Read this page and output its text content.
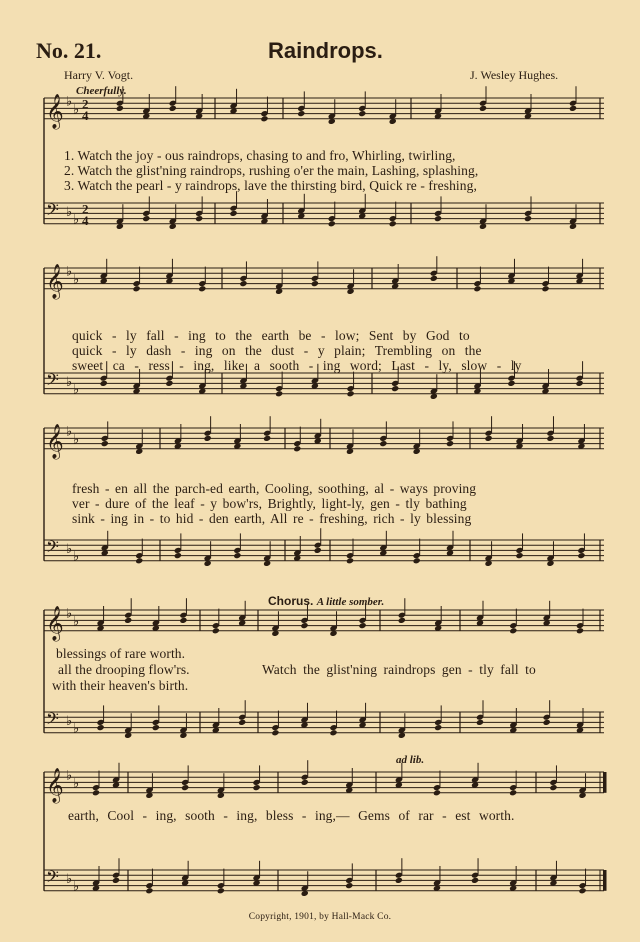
No. 21.	Raindrops.
Harry V. Vogt.	J. Wesley Hughes.
Cheerfully.
𝄞 ♭
♭ 2
4
𝄢 ♭
♭
2
4
𝄞 ♭
♭
𝄢 ♭
♭
𝄞 ♭
♭
𝄢 ♭
♭
𝄞 ♭
♭
𝄢 ♭
♭
𝄞 ♭
♭
𝄢 ♭
♭
1. Watch the joy - ous raindrops, chasing to and fro, Whirling, twirling,
2. Watch the glist'ning raindrops, rushing o'er the main, Lashing, splashing,
3. Watch the pearl - y raindrops, lave the thirsting bird, Quick re - freshing,
quick - ly fall - ing to the earth be - low; Sent by God to
quick - ly dash - ing on the dust - y plain; Trembling on the
sweet ca - ress - ing, like a sooth - ing word; Last - ly, slow - ly
fresh - en all the parch-ed earth, Cooling, soothing, al - ways proving
ver - dure of the leaf - y bow'rs, Brightly, light-ly, gen - tly bathing
sink - ing in - to hid - den earth, All re - freshing, rich - ly blessing
Chorus. A little somber.
blessings of rare worth.
all the drooping flow'rs.
with their heaven's birth.
Watch the glist'ning raindrops gen - tly fall to
ad lib.
earth, Cool - ing, sooth - ing, bless - ing,— Gems of rar - est worth.
Copyright, 1901, by Hall-Mack Co.
